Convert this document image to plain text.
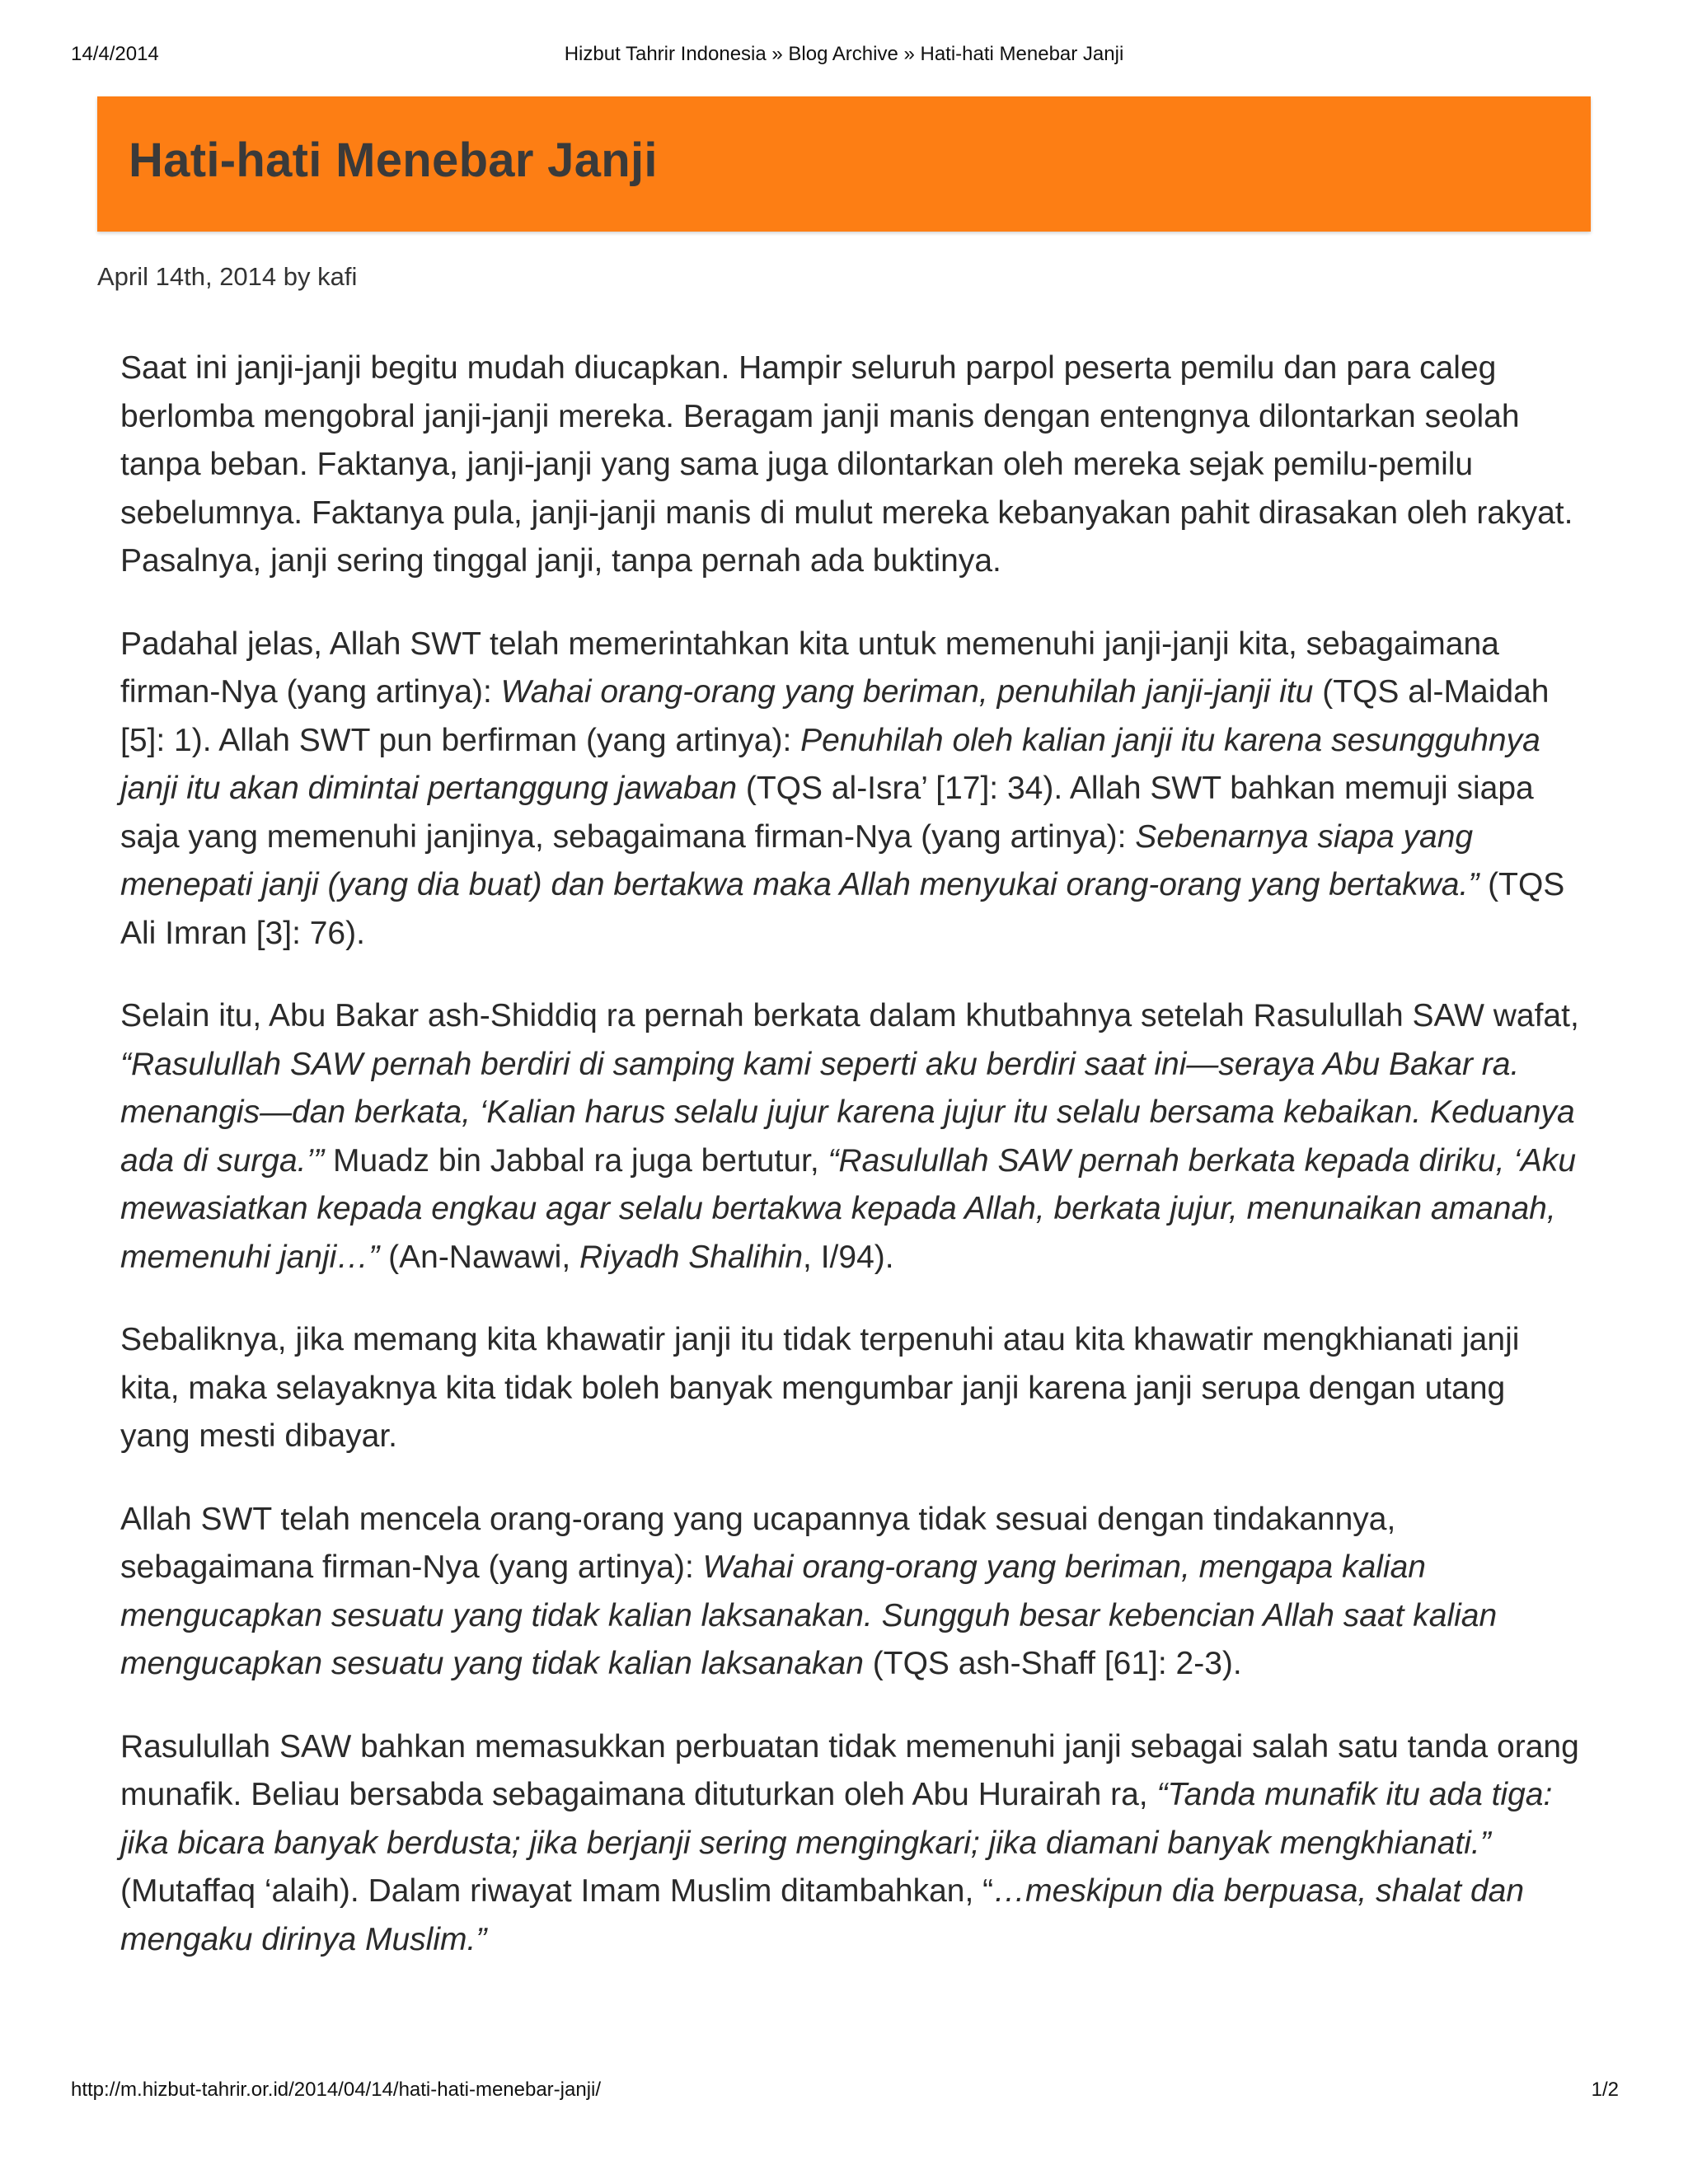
14/4/2014	Hizbut Tahrir Indonesia » Blog Archive » Hati-hati Menebar Janji
Hati-hati Menebar Janji
April 14th, 2014 by kafi

Saat ini janji-janji begitu mudah diucapkan. Hampir seluruh parpol peserta pemilu dan para caleg berlomba mengobral janji-janji mereka. Beragam janji manis dengan entengnya dilontarkan seolah tanpa beban. Faktanya, janji-janji yang sama juga dilontarkan oleh mereka sejak pemilu-pemilu sebelumnya. Faktanya pula, janji-janji manis di mulut mereka kebanyakan pahit dirasakan oleh rakyat. Pasalnya, janji sering tinggal janji, tanpa pernah ada buktinya.

Padahal jelas, Allah SWT telah memerintahkan kita untuk memenuhi janji-janji kita, sebagaimana firman-Nya (yang artinya): Wahai orang-orang yang beriman, penuhilah janji-janji itu (TQS al-Maidah [5]: 1). Allah SWT pun berfirman (yang artinya): Penuhilah oleh kalian janji itu karena sesungguhnya janji itu akan dimintai pertanggung jawaban (TQS al-Isra’ [17]: 34). Allah SWT bahkan memuji siapa saja yang memenuhi janjinya, sebagaimana firman-Nya (yang artinya): Sebenarnya siapa yang menepati janji (yang dia buat) dan bertakwa maka Allah menyukai orang-orang yang bertakwa.” (TQS Ali Imran [3]: 76).

Selain itu, Abu Bakar ash-Shiddiq ra pernah berkata dalam khutbahnya setelah Rasulullah SAW wafat, “Rasulullah SAW pernah berdiri di samping kami seperti aku berdiri saat ini—seraya Abu Bakar ra. menangis—dan berkata, ‘Kalian harus selalu jujur karena jujur itu selalu bersama kebaikan. Keduanya ada di surga.’” Muadz bin Jabbal ra juga bertutur, “Rasulullah SAW pernah berkata kepada diriku, ‘Aku mewasiatkan kepada engkau agar selalu bertakwa kepada Allah, berkata jujur, menunaikan amanah, memenuhi janji…” (An-Nawawi, Riyadh Shalihin, I/94).

Sebaliknya, jika memang kita khawatir janji itu tidak terpenuhi atau kita khawatir mengkhianati janji kita, maka selayaknya kita tidak boleh banyak mengumbar janji karena janji serupa dengan utang yang mesti dibayar.

Allah SWT telah mencela orang-orang yang ucapannya tidak sesuai dengan tindakannya, sebagaimana firman-Nya (yang artinya): Wahai orang-orang yang beriman, mengapa kalian mengucapkan sesuatu yang tidak kalian laksanakan. Sungguh besar kebencian Allah saat kalian mengucapkan sesuatu yang tidak kalian laksanakan (TQS ash-Shaff [61]: 2-3).

Rasulullah SAW bahkan memasukkan perbuatan tidak memenuhi janji sebagai salah satu tanda orang munafik. Beliau bersabda sebagaimana dituturkan oleh Abu Hurairah ra, “Tanda munafik itu ada tiga: jika bicara banyak berdusta; jika berjanji sering mengingkari; jika diamani banyak mengkhianati.” (Mutaffaq ‘alaih). Dalam riwayat Imam Muslim ditambahkan, “…meskipun dia berpuasa, shalat dan mengaku dirinya Muslim.”

http://m.hizbut-tahrir.or.id/2014/04/14/hati-hati-menebar-janji/	1/2
